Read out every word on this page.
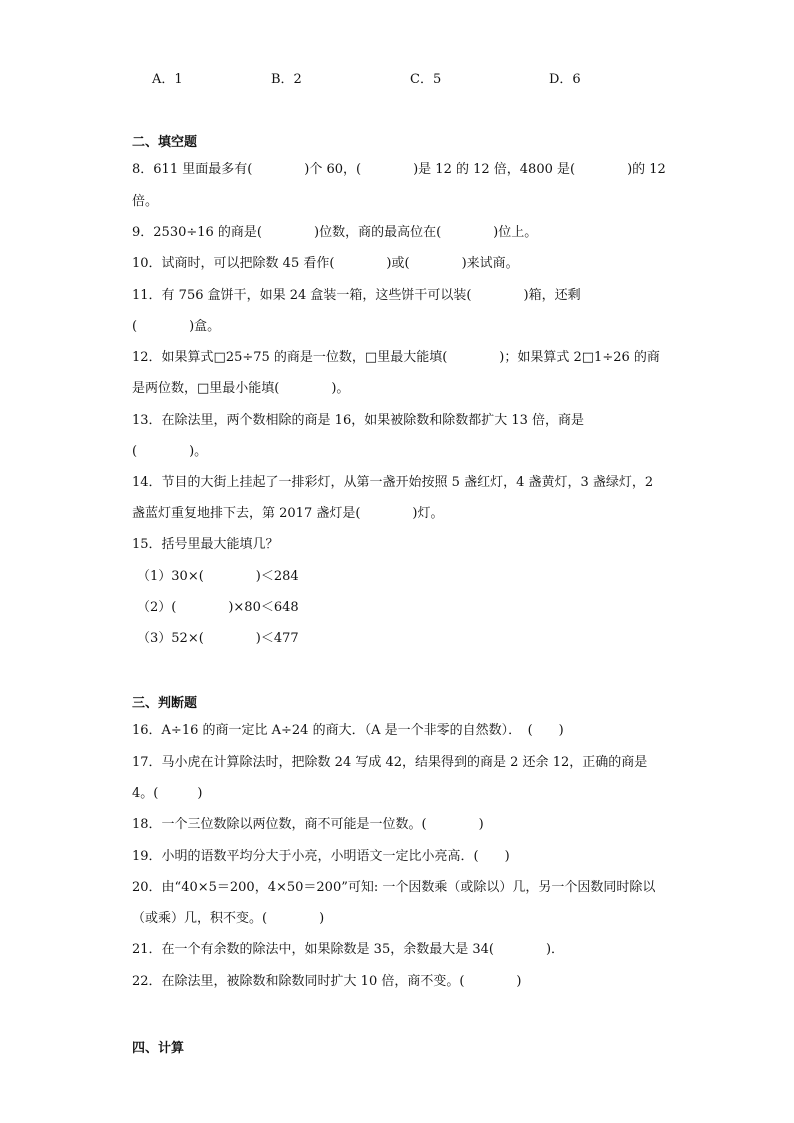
A．1	B．2	C．5	D．6
二、填空题
8．611 里面最多有(　　　　)个 60，(　　　　)是 12 的 12 倍，4800 是(　　　　)的 12
倍。
9．2530÷16 的商是(　　　　)位数，商的最高位在(　　　　)位上。
10．试商时，可以把除数 45 看作(　　　　)或(　　　　)来试商。
11．有 756 盒饼干，如果 24 盒装一箱，这些饼干可以装(　　　　)箱，还剩
(　　　　)盒。
12．如果算式□25÷75 的商是一位数，□里最大能填(　　　　)；如果算式 2□1÷26 的商
是两位数，□里最小能填(　　　　)。
13．在除法里，两个数相除的商是 16，如果被除数和除数都扩大 13 倍，商是
(　　　　)。
14．节目的大街上挂起了一排彩灯，从第一盏开始按照 5 盏红灯，4 盏黄灯，3 盏绿灯，2
盏蓝灯重复地排下去，第 2017 盏灯是(　　　　)灯。
15．括号里最大能填几？
（1）30×(　　　　)＜284
（2）(　　　　)×80＜648
（3）52×(　　　　)＜477
三、判断题
16．A÷16 的商一定比 A÷24 的商大．（A 是一个非零的自然数）．　(　　)
17．马小虎在计算除法时，把除数 24 写成 42，结果得到的商是 2 还余 12，正确的商是
4。(　　　)
18．一个三位数除以两位数，商不可能是一位数。(　　　　)
19．小明的语数平均分大于小亮，小明语文一定比小亮高．(　　)
20．由“40×5＝200，4×50＝200”可知: 一个因数乘（或除以）几，另一个因数同时除以
（或乘）几，积不变。(　　　　)
21．在一个有余数的除法中，如果除数是 35，余数最大是 34(　　　　)．
22．在除法里，被除数和除数同时扩大 10 倍，商不变。(　　　　)
四、计算
